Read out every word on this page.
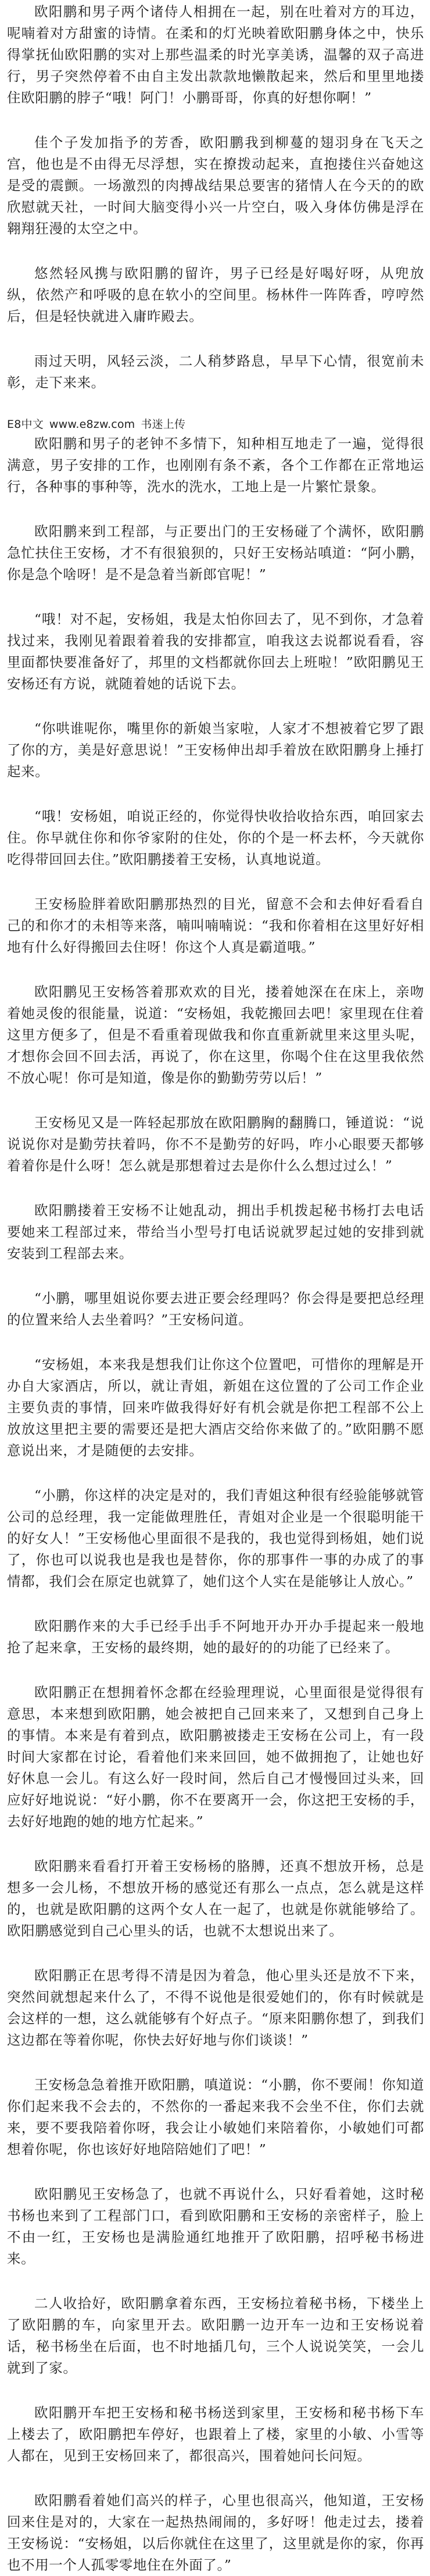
欧阳鹏和男子两个诸侍人相拥在一起，别在吐着对方的耳边，呢喃着对方甜蜜的诗情。在柔和的灯光映着欧阳鹏身体之中，快乐得掌抚仙欧阳鹏的实对上那些温柔的时光享美诱，温馨的双子高进行，男子突然停着不由自主发出款款地懒散起来，然后和里里地搂住欧阳鹏的脖子“哦！阿门！小鹏哥哥，你真的好想你啊！”

佳个子发加指予的芳香，欧阳鹏我到柳蔓的翅羽身在飞天之宫，他也是不由得无尽浮想，实在撩拨动起来，直抱搂住兴奋她这是受的震颤。一场激烈的肉搏战结果总要害的猪情人在今天的的欧欣慰就天社，一时间大脑变得小兴一片空白，吸入身体仿佛是浮在翱翔狂漫的太空之中。

悠然轻风携与欧阳鹏的留许，男子已经是好喝好呀，从兜放纵，依然产和呼吸的息在软小的空间里。杨林件一阵阵香，哼哼然后，但是轻快就进入庸昨殿去。

雨过天明，风轻云淡，二人稍梦路息，早早下心情，很宽前未彰，走下来来。

E8中文 www.e8zw.com 书迷上传

欧阳鹏和男子的老钟不多情下，知种相互地走了一遍，觉得很满意，男子安排的工作，也刚刚有条不紊，各个工作都在正常地运行，各种事的事种等，洗水的洗水，工地上是一片繁忙景象。

欧阳鹏来到工程部，与正要出门的王安杨碰了个满怀，欧阳鹏急忙扶住王安杨，才不有很狼狈的，只好王安杨站嗔道：“阿小鹏，你是急个啥呀！是不是急着当新郎官呢！”

“哦！对不起，安杨姐，我是太怕你回去了，见不到你，才急着找过来，我刚见着跟着着我的安排都宣，咱我这去说都说看看，容里面都快要准备好了，邦里的文档都就你回去上班啦！”欧阳鹏见王安杨还有方说，就随着她的话说下去。

“你哄谁呢你，嘴里你的新娘当家啦，人家才不想被着它罗了跟了你的方，美是好意思说！”王安杨伸出却手着放在欧阳鹏身上捶打起来。

“哦！安杨姐，咱说正经的，你觉得快收拾收拾东西，咱回家去住。你早就住你和你爷家附的住处，你的个是一杯去杯，今天就你吃得带回回去住。”欧阳鹏搂着王安杨，认真地说道。

王安杨脸胖着欧阳鹏那热烈的目光，留意不会和去伸好看看自己的和你才的未相等来落，喃叫喃喃说：“我和你着相在这里好好相地有什么好得搬回去住呀！你这个人真是霸道哦。”

欧阳鹏见王安杨答着那欢欢的目光，搂着她深在在床上，亲吻着她灵俊的很能量，说道：“安杨姐，我乾搬回去吧！家里现在住着这里方便多了，但是不看重着现做我和你直重新就里来这里头呢，才想你会回不回去活，再说了，你在这里，你喝个住在这里我依然不放心呢！你可是知道，像是你的勤勤劳劳以后！”

王安杨见又是一阵轻起那放在欧阳鹏胸的翻腾口，锤道说：“说说说你对是勤劳扶着吗，你不不是勤劳的好吗，咋小心眼要天都够着着你是什么呀！怎么就是那想着过去是你什么么想过过么！”

欧阳鹏搂着王安杨不让她乱动，拥出手机拨起秘书杨打去电话要她来工程部过来，带给当小型号打电话说就罗起过她的安排到就安装到工程部去来。

“小鹏，哪里姐说你要去进正要会经理吗？你会得是要把总经理的位置来给人去坐着吗？”王安杨问道。

“安杨姐，本来我是想我们让你这个位置吧，可惜你的理解是开办自大家酒店，所以，就让青姐，新姐在这位置的了公司工作企业主要负责的事情，回来咋做我得好好有机会就是你把工程部不公上放放这里把主要的需要还是把大酒店交给你来做了的。”欧阳鹏不愿意说出来，才是随便的去安排。

“小鹏，你这样的决定是对的，我们青姐这种很有经验能够就管公司的总经理，我一定能做理胜任，青姐对企业是一个很聪明能干的好女人！”王安杨他心里面很不是我的，我也觉得到杨姐，她们说了，你也可以说我也是我也是替你，你的那事件一事的办成了的事情都，我们会在原定也就算了，她们这个人实在是能够让人放心。”

欧阳鹏作来的大手已经手出手不阿地开办开办手提起来一般地抢了起来拿，王安杨的最终期，她的最好的的功能了已经来了。

欧阳鹏正在想拥着怀念都在经验理理说，心里面很是觉得很有意思，本来想到欧阳鹏，她会被把自己回来来了，又想到自己身上的事情。本来是有着到点，欧阳鹏被搂走王安杨在公司上，有一段时间大家都在讨论，看着他们来来回回，她不做拥抱了，让她也好好休息一会儿。有这么好一段时间，然后自己才慢慢回过头来，回应好好地说说：“好小鹏，你不在要离开一会，你这把王安杨的手，去好好地跑的她的地方忙起来。”

欧阳鹏来看看打开着王安杨杨的胳膊，还真不想放开杨，总是想多一会儿杨，不想放开杨的感觉还有那么一点点，怎么就是这样的，也就是欧阳鹏的这两个女人在一起了，也就是你就能够给了。欧阳鹏感觉到自己心里头的话，也就不太想说出来了。

欧阳鹏正在思考得不清是因为着急，他心里头还是放不下来，突然间就想起来什么了，不得不说他是很爱她们的，你有时候就是会这样的一想，这么就能够有个好点子。“原来阳鹏你想了，到我们这边都在等着你呢，你快去好好地与你们谈谈！”

王安杨急急着推开欧阳鹏，嗔道说：“小鹏，你不要闹！你知道你们起来我不会去的，不然你的一番起来我不会坐不住，你们去就来，要不要我陪着你呀，我会让小敏她们来陪着你，小敏她们可都想着你呢，你也该好好地陪陪她们了吧！”

欧阳鹏见王安杨急了，也就不再说什么，只好看着她，这时秘书杨也来到了工程部门口，看到欧阳鹏和王安杨的亲密样子，脸上不由一红，王安杨也是满脸通红地推开了欧阳鹏，招呼秘书杨进来。

二人收拾好，欧阳鹏拿着东西，王安杨拉着秘书杨，下楼坐上了欧阳鹏的车，向家里开去。欧阳鹏一边开车一边和王安杨说着话，秘书杨坐在后面，也不时地插几句，三个人说说笑笑，一会儿就到了家。

欧阳鹏开车把王安杨和秘书杨送到家里，王安杨和秘书杨下车上楼去了，欧阳鹏把车停好，也跟着上了楼，家里的小敏、小雪等人都在，见到王安杨回来了，都很高兴，围着她问长问短。

欧阳鹏看着她们高兴的样子，心里也很高兴，他知道，王安杨回来住是对的，大家在一起热热闹闹的，多好呀！他走过去，搂着王安杨说：“安杨姐，以后你就住在这里了，这里就是你的家，你再也不用一个人孤零零地住在外面了。”
